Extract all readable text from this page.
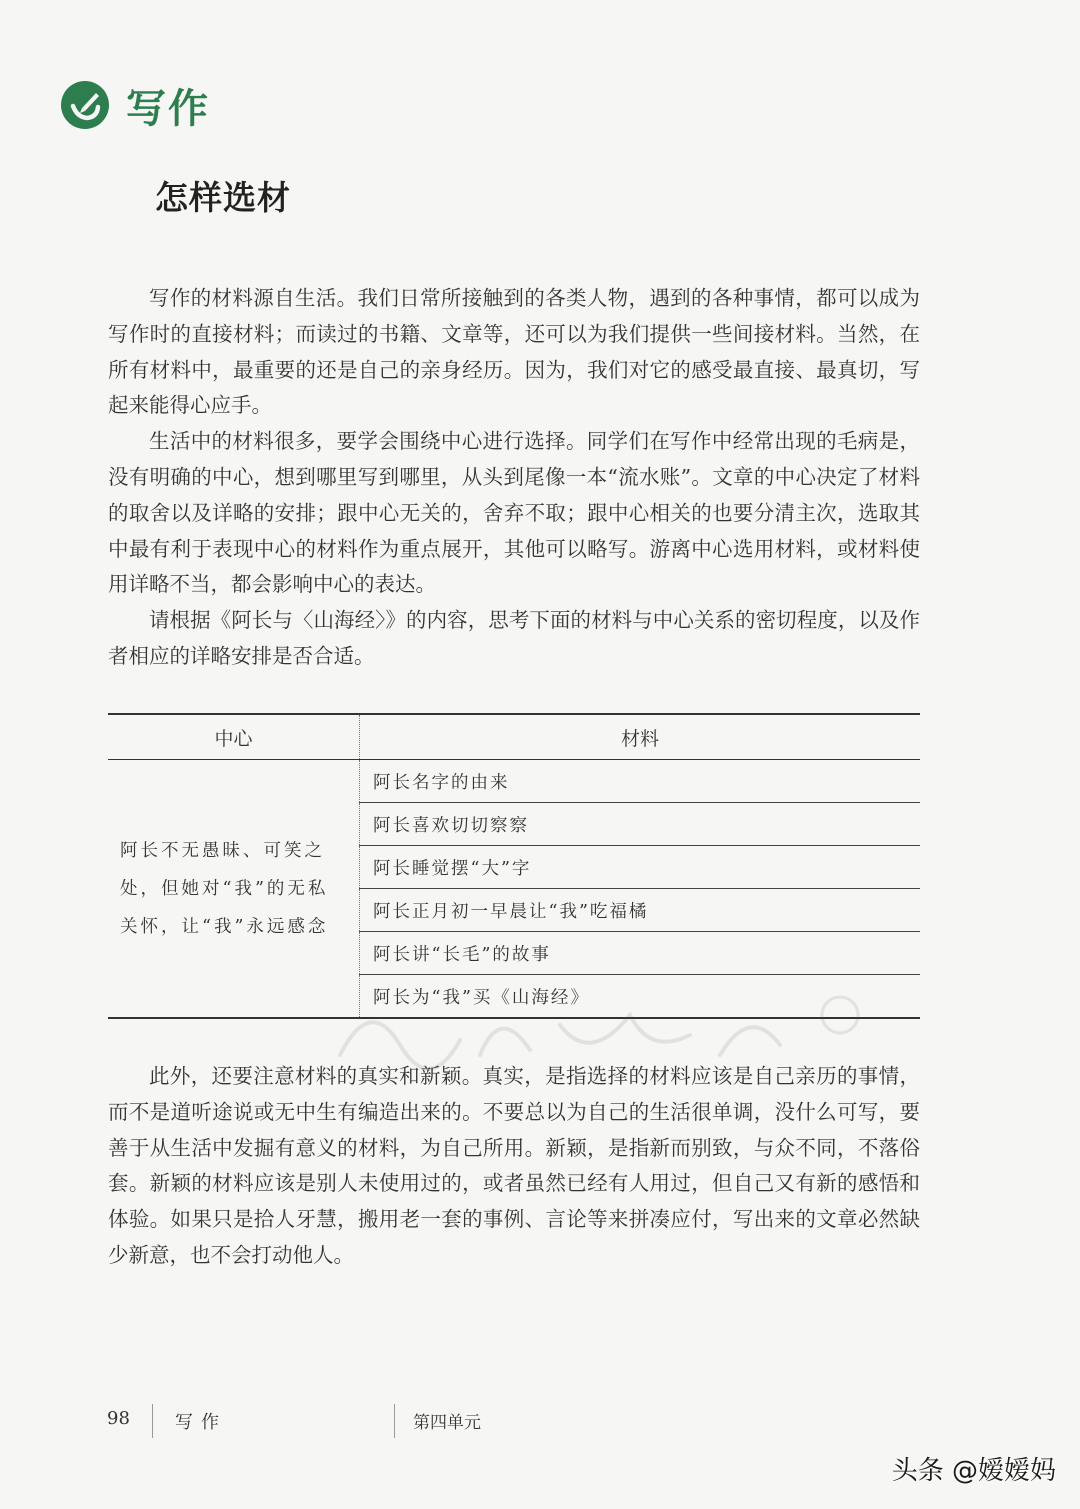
写作
怎样选材

写作的材料源自生活。我们日常所接触到的各类人物，遇到的各种事情，都可以成为写作时的直接材料；而读过的书籍、文章等，还可以为我们提供一些间接材料。当然，在所有材料中，最重要的还是自己的亲身经历。因为，我们对它的感受最直接、最真切，写起来能得心应手。

生活中的材料很多，要学会围绕中心进行选择。同学们在写作中经常出现的毛病是，没有明确的中心，想到哪里写到哪里，从头到尾像一本“流水账”。文章的中心决定了材料的取舍以及详略的安排；跟中心无关的，舍弃不取；跟中心相关的也要分清主次，选取其中最有利于表现中心的材料作为重点展开，其他可以略写。游离中心选用材料，或材料使用详略不当，都会影响中心的表达。

请根据《阿长与〈山海经〉》的内容，思考下面的材料与中心关系的密切程度，以及作者相应的详略安排是否合适。

中心	材料
阿长不无愚昧、可笑之处，但她对“我”的无私关怀，让“我”永远感念	阿长名字的由来
	阿长喜欢切切察察
	阿长睡觉摆“大”字
	阿长正月初一早晨让“我”吃福橘
	阿长讲“长毛”的故事
	阿长为“我”买《山海经》

此外，还要注意材料的真实和新颖。真实，是指选择的材料应该是自己亲历的事情，而不是道听途说或无中生有编造出来的。不要总以为自己的生活很单调，没什么可写，要善于从生活中发掘有意义的材料，为自己所用。新颖，是指新而别致，与众不同，不落俗套。新颖的材料应该是别人未使用过的，或者虽然已经有人用过，但自己又有新的感悟和体验。如果只是拾人牙慧，搬用老一套的事例、言论等来拼凑应付，写出来的文章必然缺少新意，也不会打动他人。

98	写作	第四单元
头条 @嫒嫒妈
